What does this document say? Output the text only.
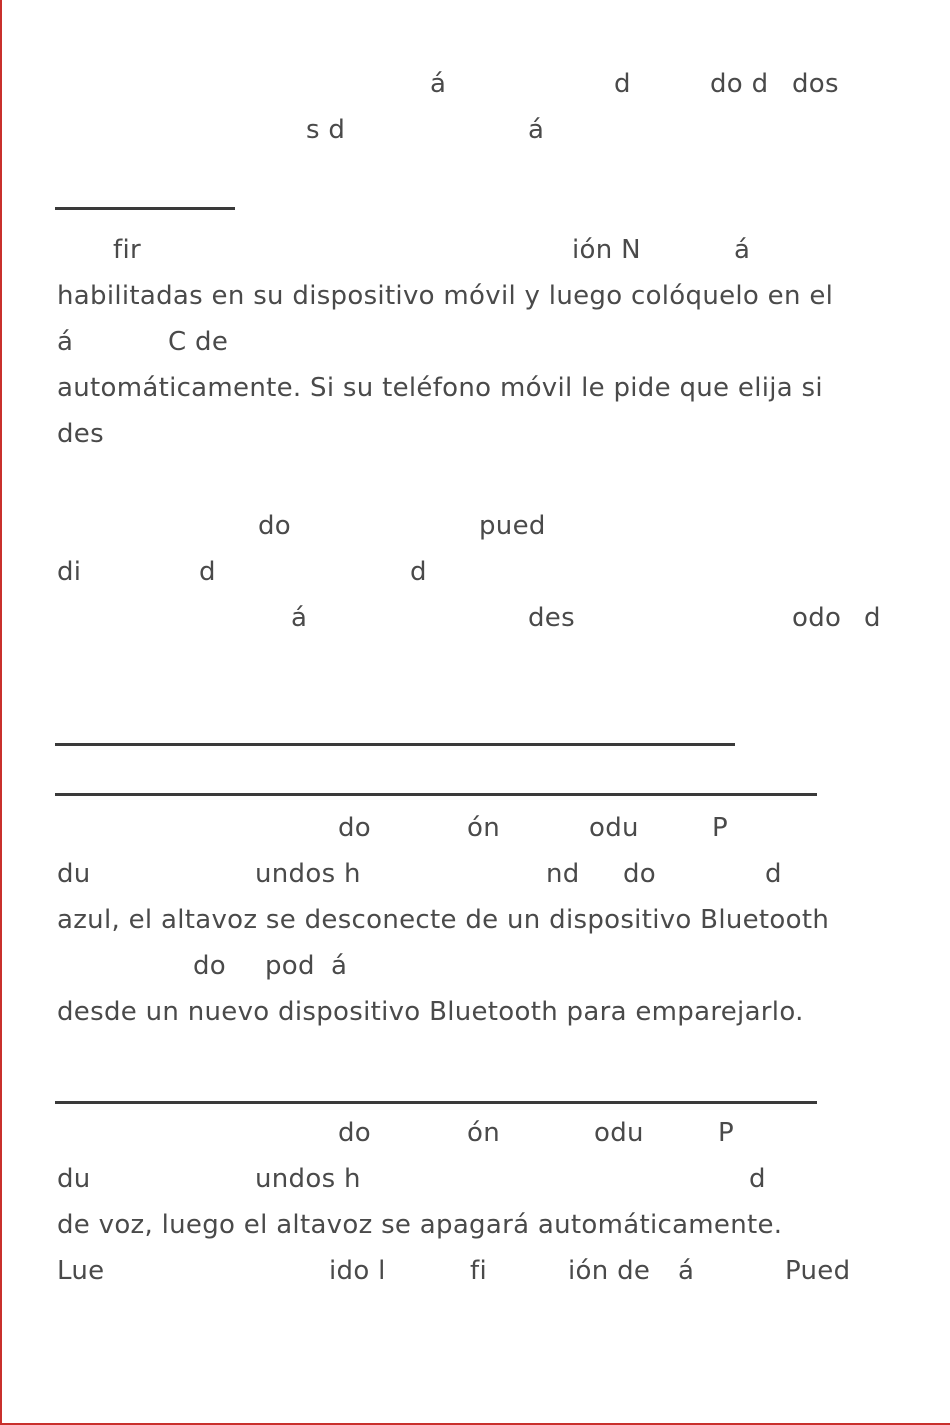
á	d	do d dos
s d	á
fir	ión N	á
habilitadas en su dispositivo móvil y luego colóquelo en el
á	C de
automáticamente. Si su teléfono móvil le pide que elija si
des
do	pued
di	d	d
á	des	odo d
do	ón	odu	P
du	undos h	nd do	d
azul, el altavoz se desconecte de un dispositivo Bluetooth
do pod á
desde un nuevo dispositivo Bluetooth para emparejarlo.
do	ón	odu	P
du	undos h	d
de voz, luego el altavoz se apagará automáticamente.
Lue	ido l	fi	ión de á	Pued
